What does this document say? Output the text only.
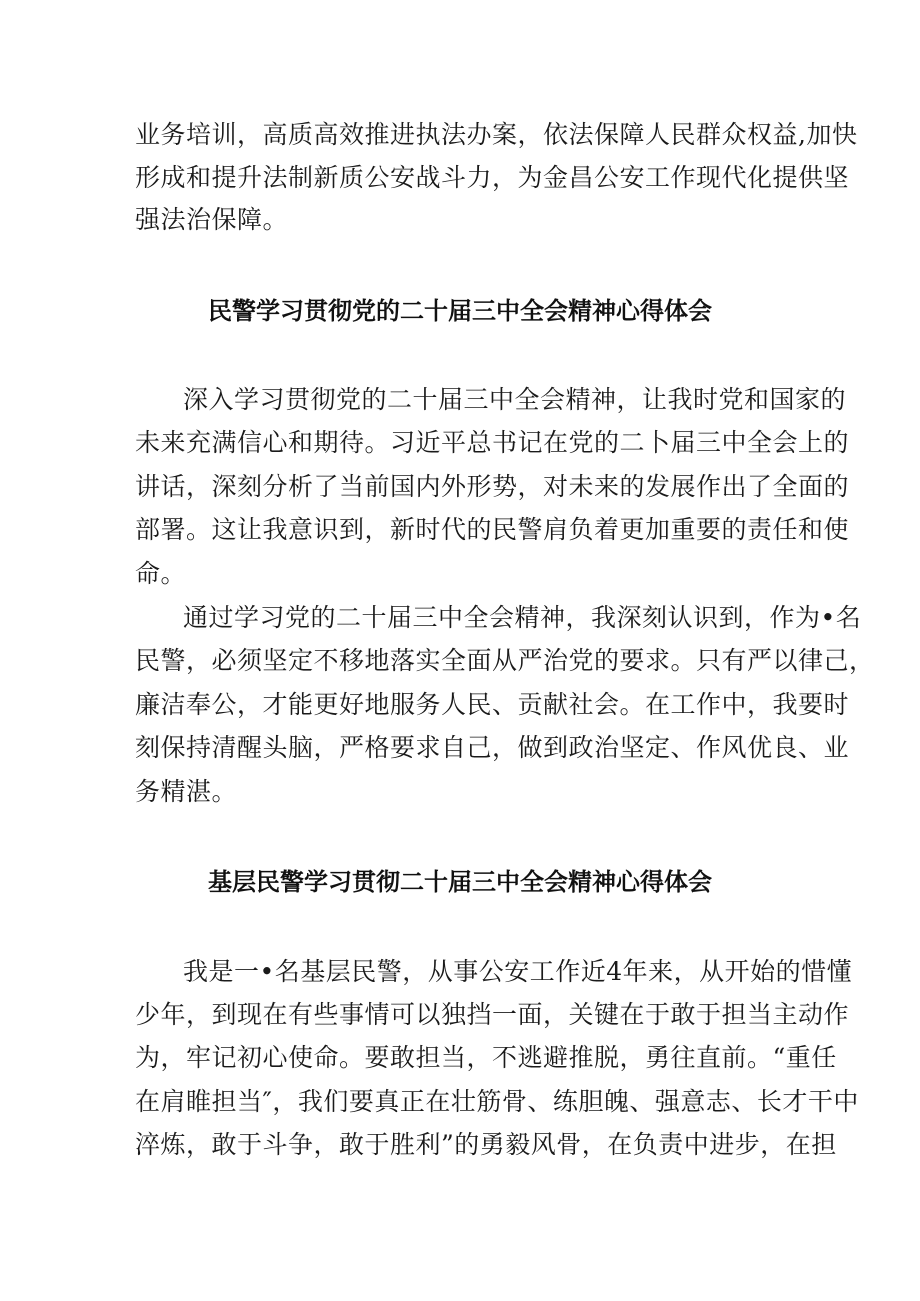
业务培训，高质高效推进执法办案，依法保障人民群众权益,加快
形成和提升法制新质公安战斗力，为金昌公安工作现代化提供坚
强法治保障。
民警学习贯彻党的二十届三中全会精神心得体会
深入学习贯彻党的二十届三中全会精神，让我时党和国家的
未来充满信心和期待。习近平总书记在党的二卜届三中全会上的
讲话，深刻分析了当前国内外形势，对未来的发展作出了全面的
部署。这让我意识到，新时代的民警肩负着更加重要的责任和使
命。
通过学习党的二十届三中全会精神，我深刻认识到，作为•名
民警，必须坚定不移地落实全面从严治党的要求。只有严以律己，
廉洁奉公，才能更好地服务人民、贡献社会。在工作中，我要时
刻保持清醒头脑，严格要求自己，做到政治坚定、作风优良、业
务精湛。
基层民警学习贯彻二十届三中全会精神心得体会
我是一•名基层民警，从事公安工作近4年来，从开始的惜懂
少年，到现在有些事情可以独挡一面，关键在于敢于担当主动作
为，牢记初心使命。要敢担当，不逃避推脱，勇往直前。“重任
在肩睢担当″，我们要真正在壮筋骨、练胆魄、强意志、长才干中
淬炼，敢于斗争，敢于胜利”的勇毅风骨，在负责中进步，在担
